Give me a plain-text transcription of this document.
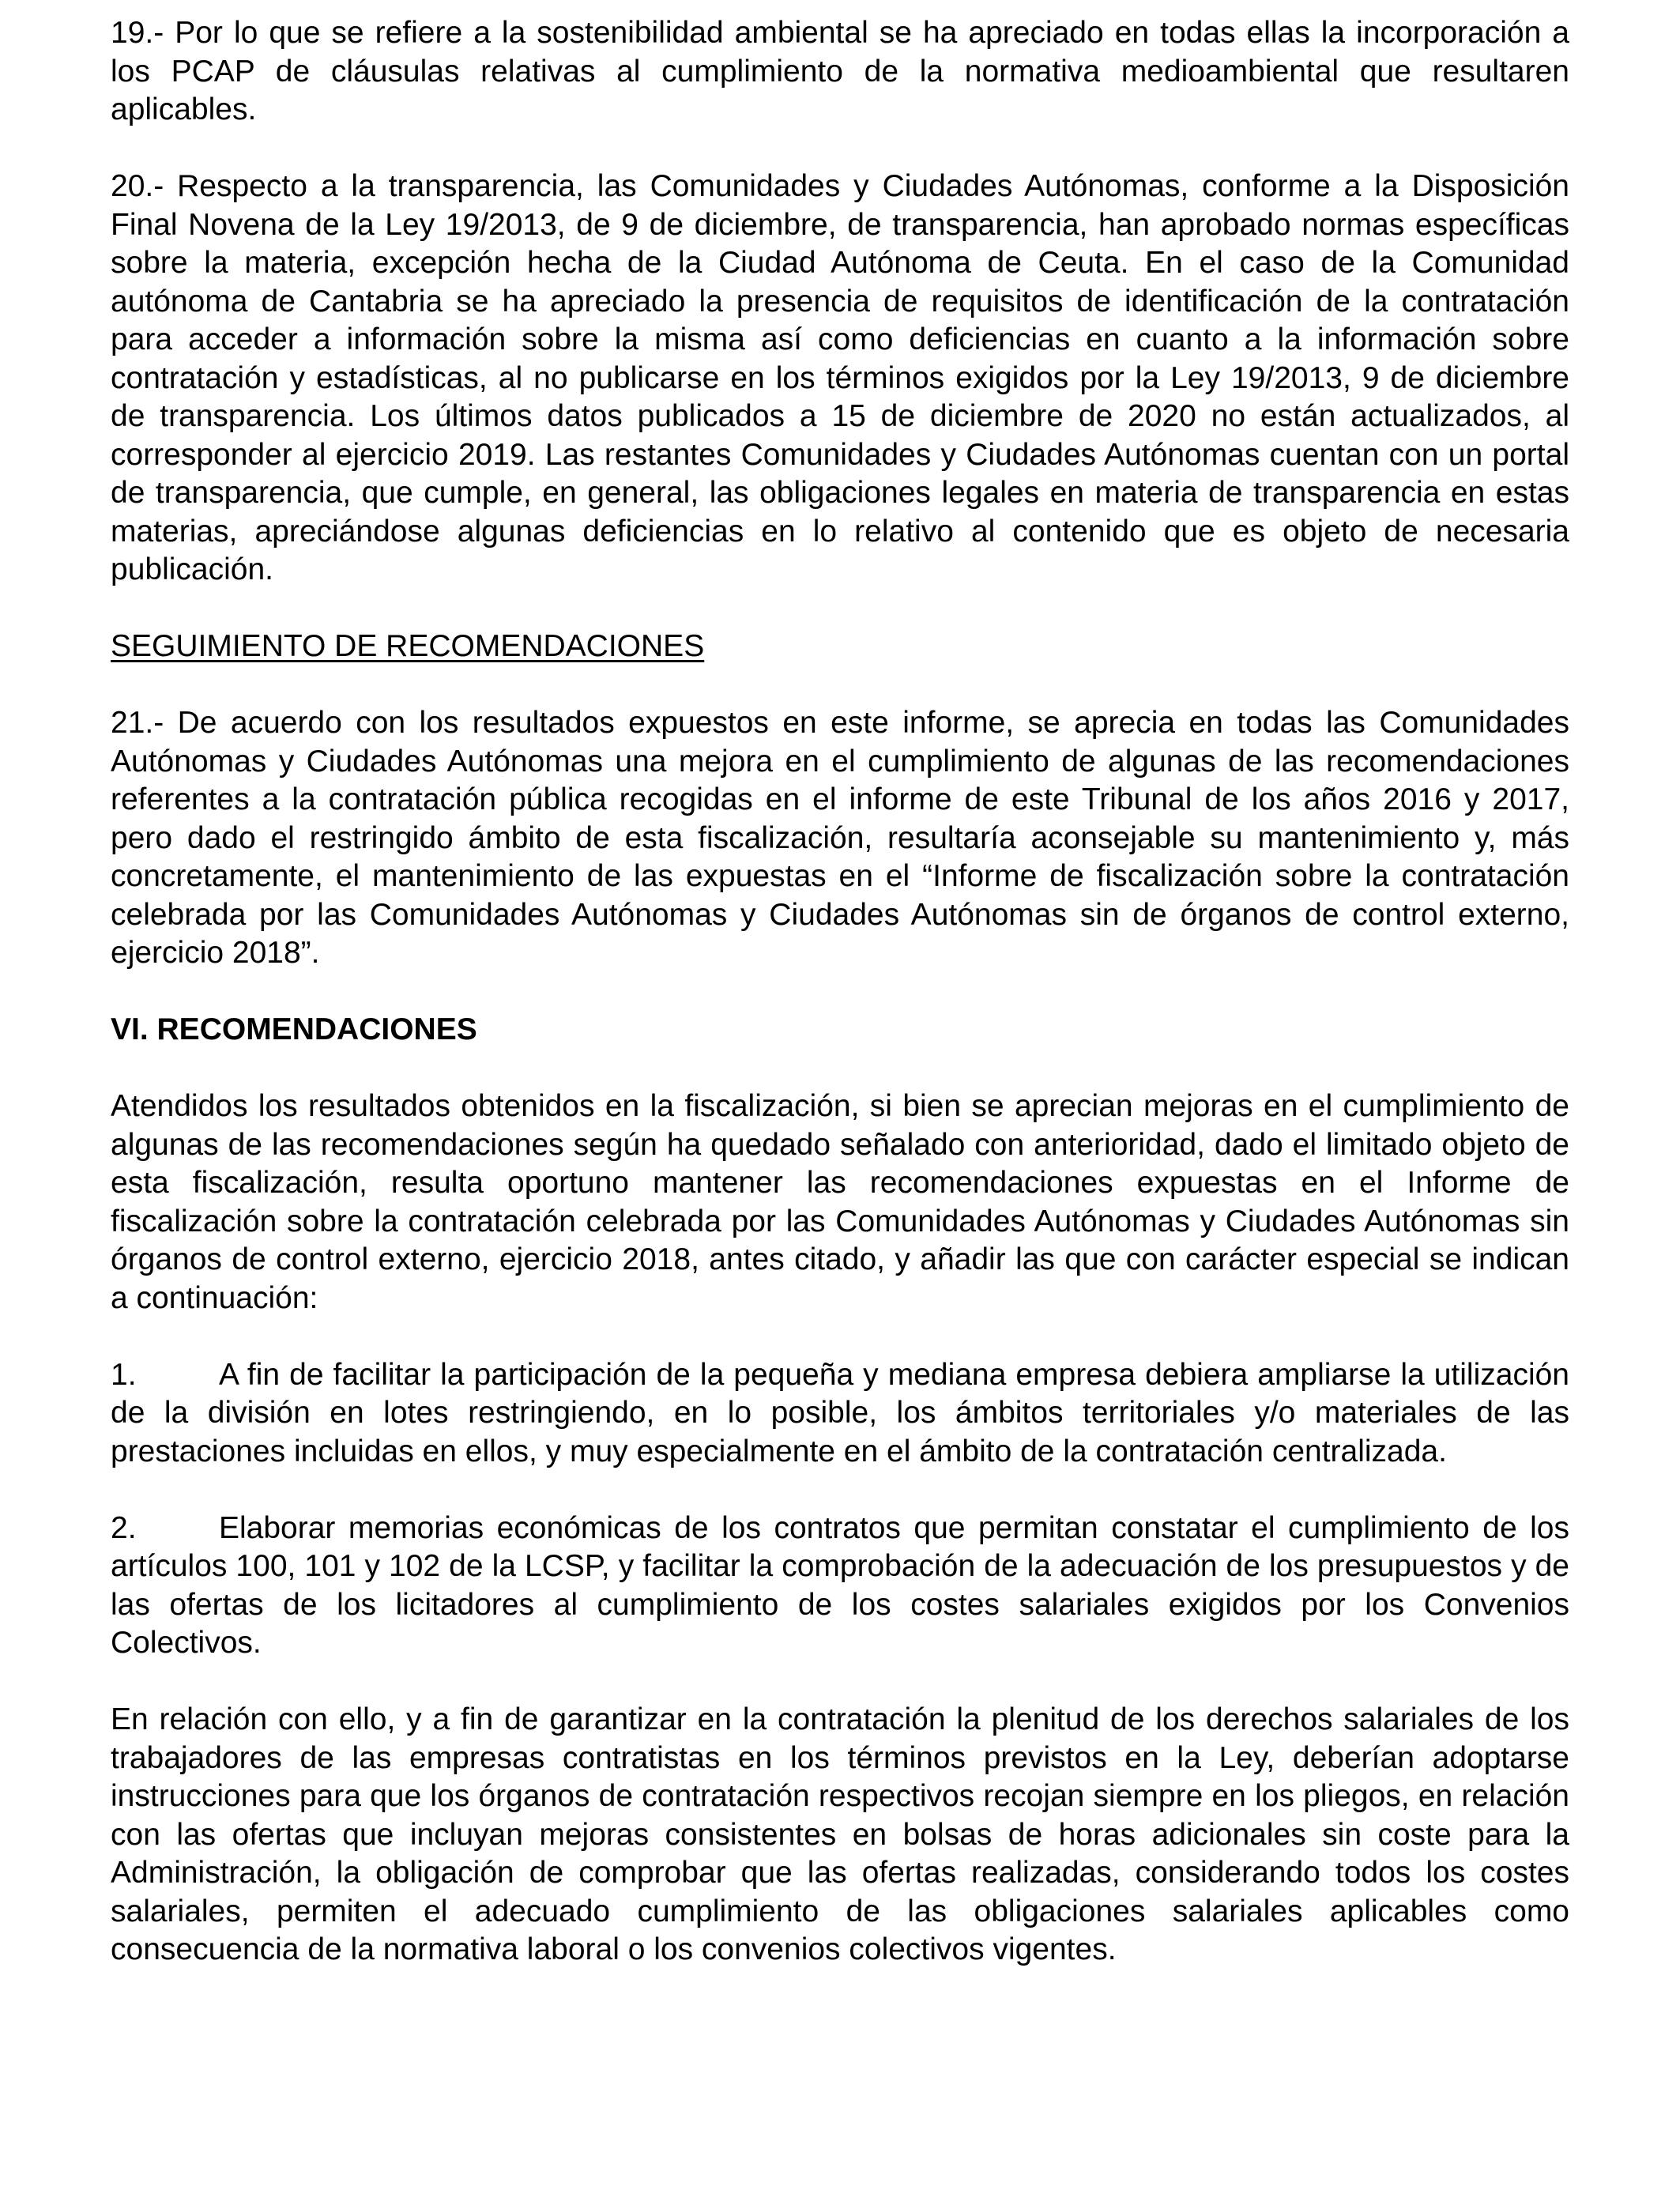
19.- Por lo que se refiere a la sostenibilidad ambiental se ha apreciado en todas ellas la incorporación a los PCAP de cláusulas relativas al cumplimiento de la normativa medioambiental que resultaren aplicables.

20.- Respecto a la transparencia, las Comunidades y Ciudades Autónomas, conforme a la Disposición Final Novena de la Ley 19/2013, de 9 de diciembre, de transparencia, han aprobado normas específicas sobre la materia, excepción hecha de la Ciudad Autónoma de Ceuta. En el caso de la Comunidad autónoma de Cantabria se ha apreciado la presencia de requisitos de identificación de la contratación para acceder a información sobre la misma así como deficiencias en cuanto a la información sobre contratación y estadísticas, al no publicarse en los términos exigidos por la Ley 19/2013, 9 de diciembre de transparencia. Los últimos datos publicados a 15 de diciembre de 2020 no están actualizados, al corresponder al ejercicio 2019. Las restantes Comunidades y Ciudades Autónomas cuentan con un portal de transparencia, que cumple, en general, las obligaciones legales en materia de transparencia en estas materias, apreciándose algunas deficiencias en lo relativo al contenido que es objeto de necesaria publicación.

SEGUIMIENTO DE RECOMENDACIONES

21.- De acuerdo con los resultados expuestos en este informe, se aprecia en todas las Comunidades Autónomas y Ciudades Autónomas una mejora en el cumplimiento de algunas de las recomendaciones referentes a la contratación pública recogidas en el informe de este Tribunal de los años 2016 y 2017, pero dado el restringido ámbito de esta fiscalización, resultaría aconsejable su mantenimiento y, más concretamente, el mantenimiento de las expuestas en el “Informe de fiscalización sobre la contratación celebrada por las Comunidades Autónomas y Ciudades Autónomas sin de órganos de control externo, ejercicio 2018”.

VI. RECOMENDACIONES

Atendidos los resultados obtenidos en la fiscalización, si bien se aprecian mejoras en el cumplimiento de algunas de las recomendaciones según ha quedado señalado con anterioridad, dado el limitado objeto de esta fiscalización, resulta oportuno mantener las recomendaciones expuestas en el Informe de fiscalización sobre la contratación celebrada por las Comunidades Autónomas y Ciudades Autónomas sin órganos de control externo, ejercicio 2018, antes citado, y añadir las que con carácter especial se indican a continuación:

1.	A fin de facilitar la participación de la pequeña y mediana empresa debiera ampliarse la utilización de la división en lotes restringiendo, en lo posible, los ámbitos territoriales y/o materiales de las prestaciones incluidas en ellos, y muy especialmente en el ámbito de la contratación centralizada.

2.	Elaborar memorias económicas de los contratos que permitan constatar el cumplimiento de los artículos 100, 101 y 102 de la LCSP, y facilitar la comprobación de la adecuación de los presupuestos y de las ofertas de los licitadores al cumplimiento de los costes salariales exigidos por los Convenios Colectivos.

En relación con ello, y a fin de garantizar en la contratación la plenitud de los derechos salariales de los trabajadores de las empresas contratistas en los términos previstos en la Ley, deberían adoptarse instrucciones para que los órganos de contratación respectivos recojan siempre en los pliegos, en relación con las ofertas que incluyan mejoras consistentes en bolsas de horas adicionales sin coste para la Administración, la obligación de comprobar que las ofertas realizadas, considerando todos los costes salariales, permiten el adecuado cumplimiento de las obligaciones salariales aplicables como consecuencia de la normativa laboral o los convenios colectivos vigentes.
